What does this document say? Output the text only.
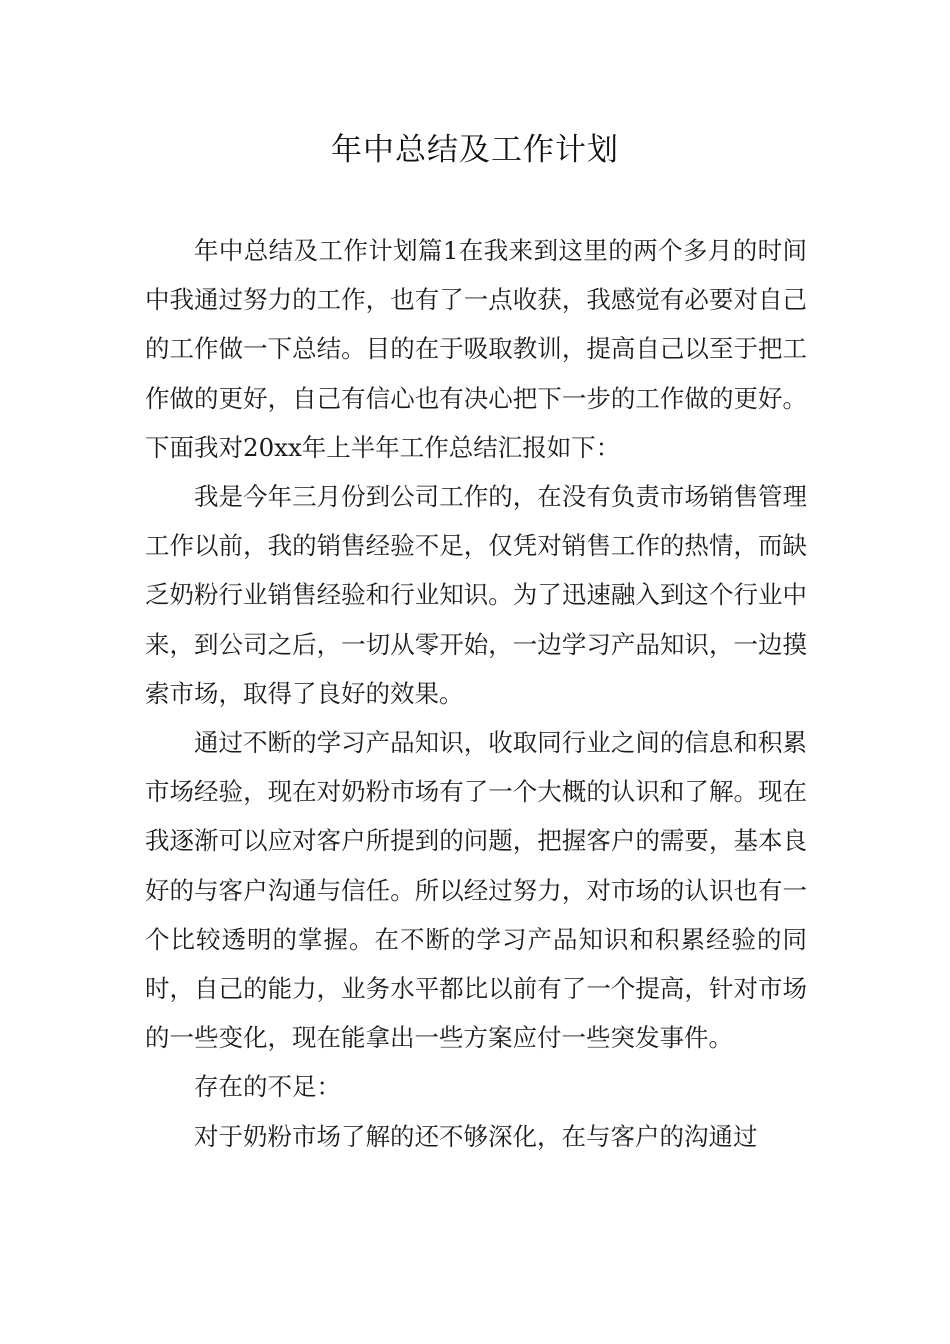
年中总结及工作计划

年中总结及工作计划篇1在我来到这里的两个多月的时间中我通过努力的工作，也有了一点收获，我感觉有必要对自己的工作做一下总结。目的在于吸取教训，提高自己以至于把工作做的更好，自己有信心也有决心把下一步的工作做的更好。下面我对20xx年上半年工作总结汇报如下：

我是今年三月份到公司工作的，在没有负责市场销售管理工作以前，我的销售经验不足，仅凭对销售工作的热情，而缺乏奶粉行业销售经验和行业知识。为了迅速融入到这个行业中来，到公司之后，一切从零开始，一边学习产品知识，一边摸索市场，取得了良好的效果。

通过不断的学习产品知识，收取同行业之间的信息和积累市场经验，现在对奶粉市场有了一个大概的认识和了解。现在我逐渐可以应对客户所提到的问题，把握客户的需要，基本良好的与客户沟通与信任。所以经过努力，对市场的认识也有一个比较透明的掌握。在不断的学习产品知识和积累经验的同时，自己的能力，业务水平都比以前有了一个提高，针对市场的一些变化，现在能拿出一些方案应付一些突发事件。

存在的不足：

对于奶粉市场了解的还不够深化，在与客户的沟通过
